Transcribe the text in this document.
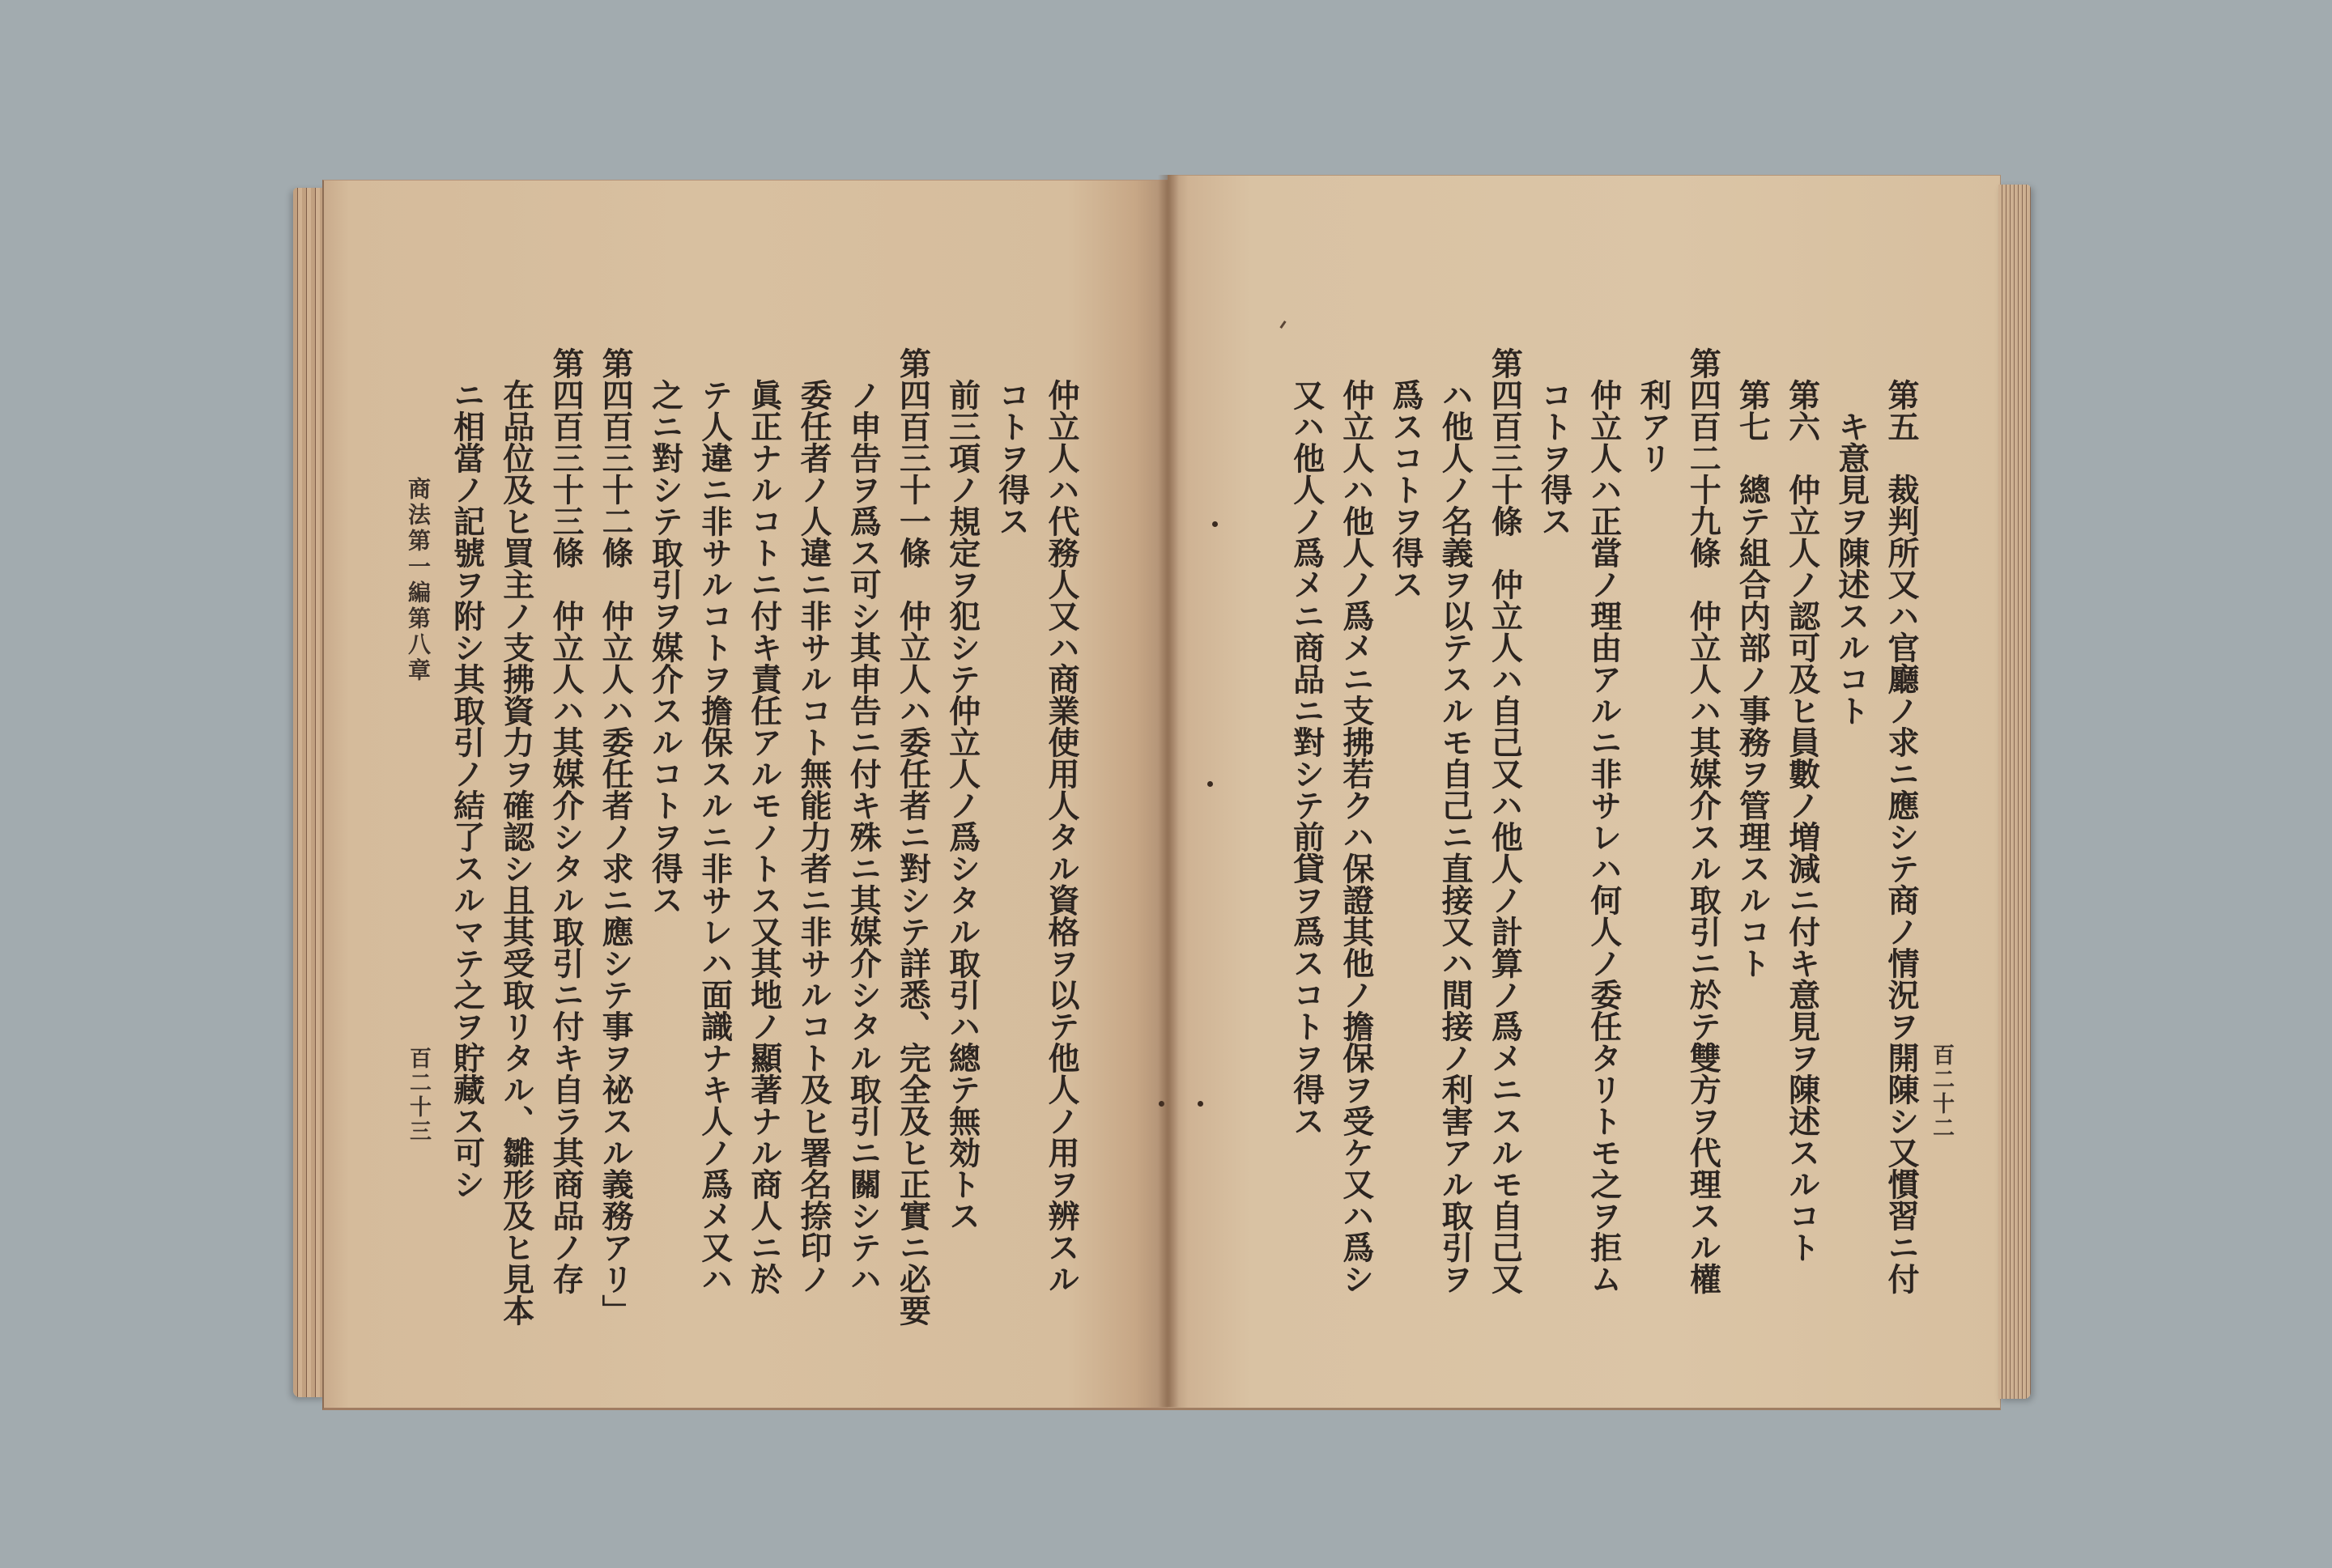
商法第一編第八章
百二十三	仲立人ハ代務人又ハ商業使用人タル資格ヲ以テ他人ノ用ヲ辨スル
コトヲ得ス
前三項ノ規定ヲ犯シテ仲立人ノ爲シタル取引ハ總テ無効トス
第四百三十一條　仲立人ハ委任者ニ對シテ詳悉、完全及ヒ正實ニ必要
ノ申告ヲ爲ス可シ其申告ニ付キ殊ニ其媒介シタル取引ニ關シテハ
委任者ノ人違ニ非サルコト無能力者ニ非サルコト及ヒ署名捺印ノ
眞正ナルコトニ付キ責任アルモノトス又其地ノ顯著ナル商人ニ於
テ人違ニ非サルコトヲ擔保スルニ非サレハ面識ナキ人ノ爲メ又ハ
之ニ對シテ取引ヲ媒介スルコトヲ得ス
第四百三十二條　仲立人ハ委任者ノ求ニ應シテ事ヲ祕スル義務アリ」
第四百三十三條　仲立人ハ其媒介シタル取引ニ付キ自ラ其商品ノ存
在品位及ヒ買主ノ支拂資力ヲ確認シ且其受取リタル、雛形及ヒ見本
ニ相當ノ記號ヲ附シ其取引ノ結了スルマテ之ヲ貯藏ス可シ	第五　裁判所又ハ官廳ノ求ニ應シテ商ノ情況ヲ開陳シ又慣習ニ付
キ意見ヲ陳述スルコト
第六　仲立人ノ認可及ヒ員數ノ増減ニ付キ意見ヲ陳述スルコト
第七　總テ組合内部ノ事務ヲ管理スルコト
第四百二十九條　仲立人ハ其媒介スル取引ニ於テ雙方ヲ代理スル權
利アリ
仲立人ハ正當ノ理由アルニ非サレハ何人ノ委任タリトモ之ヲ拒ム
コトヲ得ス
第四百三十條　仲立人ハ自己又ハ他人ノ計算ノ爲メニスルモ自己又
ハ他人ノ名義ヲ以テスルモ自己ニ直接又ハ間接ノ利害アル取引ヲ
爲スコトヲ得ス
仲立人ハ他人ノ爲メニ支拂若クハ保證其他ノ擔保ヲ受ケ又ハ爲シ
又ハ他人ノ爲メニ商品ニ對シテ前貸ヲ爲スコトヲ得ス	百二十二
